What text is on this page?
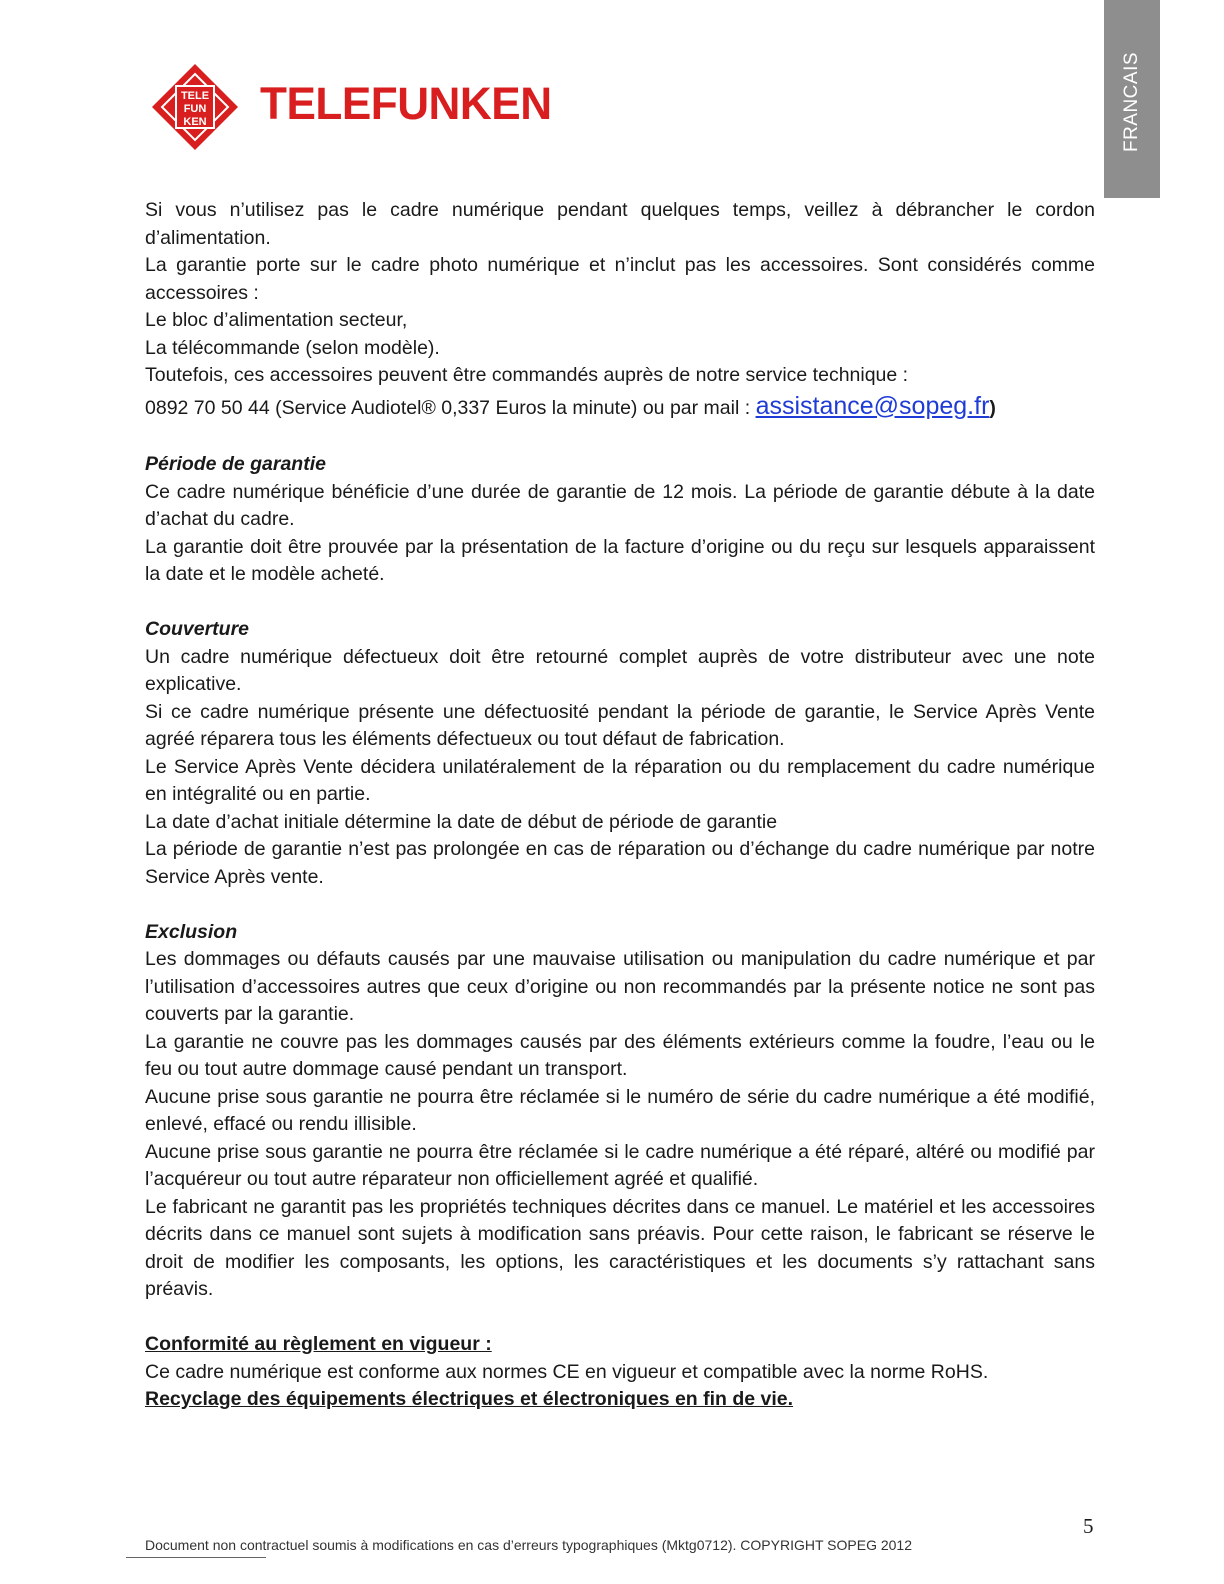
FRANCAIS
TELE
FUN
KEN TELEFUNKEN

Si vous n’utilisez pas le cadre numérique pendant quelques temps, veillez à débrancher le cordon d’alimentation.

La garantie porte sur le cadre photo numérique et n’inclut pas les accessoires. Sont considérés comme accessoires :

Le bloc d’alimentation secteur,

La télécommande (selon modèle).

Toutefois, ces accessoires peuvent être commandés auprès de notre service technique :

0892 70 50 44 (Service Audiotel® 0,337 Euros la minute) ou par mail : assistance@sopeg.fr)

Période de garantie

Ce cadre numérique bénéficie d’une durée de garantie de 12 mois. La période de garantie débute à la date d’achat du cadre.

La garantie doit être prouvée par la présentation de la facture d’origine ou du reçu sur lesquels apparaissent la date et le modèle acheté.

Couverture

Un cadre numérique défectueux doit être retourné complet auprès de votre distributeur avec une note explicative.

Si ce cadre numérique présente une défectuosité pendant la période de garantie, le Service Après Vente agréé réparera tous les éléments défectueux ou tout défaut de fabrication.

Le Service Après Vente décidera unilatéralement de la réparation ou du remplacement du cadre numérique en intégralité ou en partie.

La date d’achat initiale détermine la date de début de période de garantie

La période de garantie n’est pas prolongée en cas de réparation ou d’échange du cadre numérique par notre Service Après vente.

Exclusion

Les dommages ou défauts causés par une mauvaise utilisation ou manipulation du cadre numérique et par l’utilisation d’accessoires autres que ceux d’origine ou non recommandés par la présente notice ne sont pas couverts par la garantie.

La garantie ne couvre pas les dommages causés par des éléments extérieurs comme la foudre, l’eau ou le feu ou tout autre dommage causé pendant un transport.

Aucune prise sous garantie ne pourra être réclamée si le numéro de série du cadre numérique a été modifié, enlevé, effacé ou rendu illisible.

Aucune prise sous garantie ne pourra être réclamée si le cadre numérique a été réparé, altéré ou modifié par l’acquéreur ou tout autre réparateur non officiellement agréé et qualifié.

Le fabricant ne garantit pas les propriétés techniques décrites dans ce manuel. Le matériel et les accessoires décrits dans ce manuel sont sujets à modification sans préavis. Pour cette raison, le fabricant se réserve le droit de modifier les composants, les options, les caractéristiques et les documents s’y rattachant sans préavis.

Conformité au règlement en vigueur :

Ce cadre numérique est conforme aux normes CE en vigueur et compatible avec la norme RoHS.

Recyclage des équipements électriques et électroniques en fin de vie.

5
Document non contractuel soumis à modifications en cas d’erreurs typographiques (Mktg0712). COPYRIGHT SOPEG 2012
